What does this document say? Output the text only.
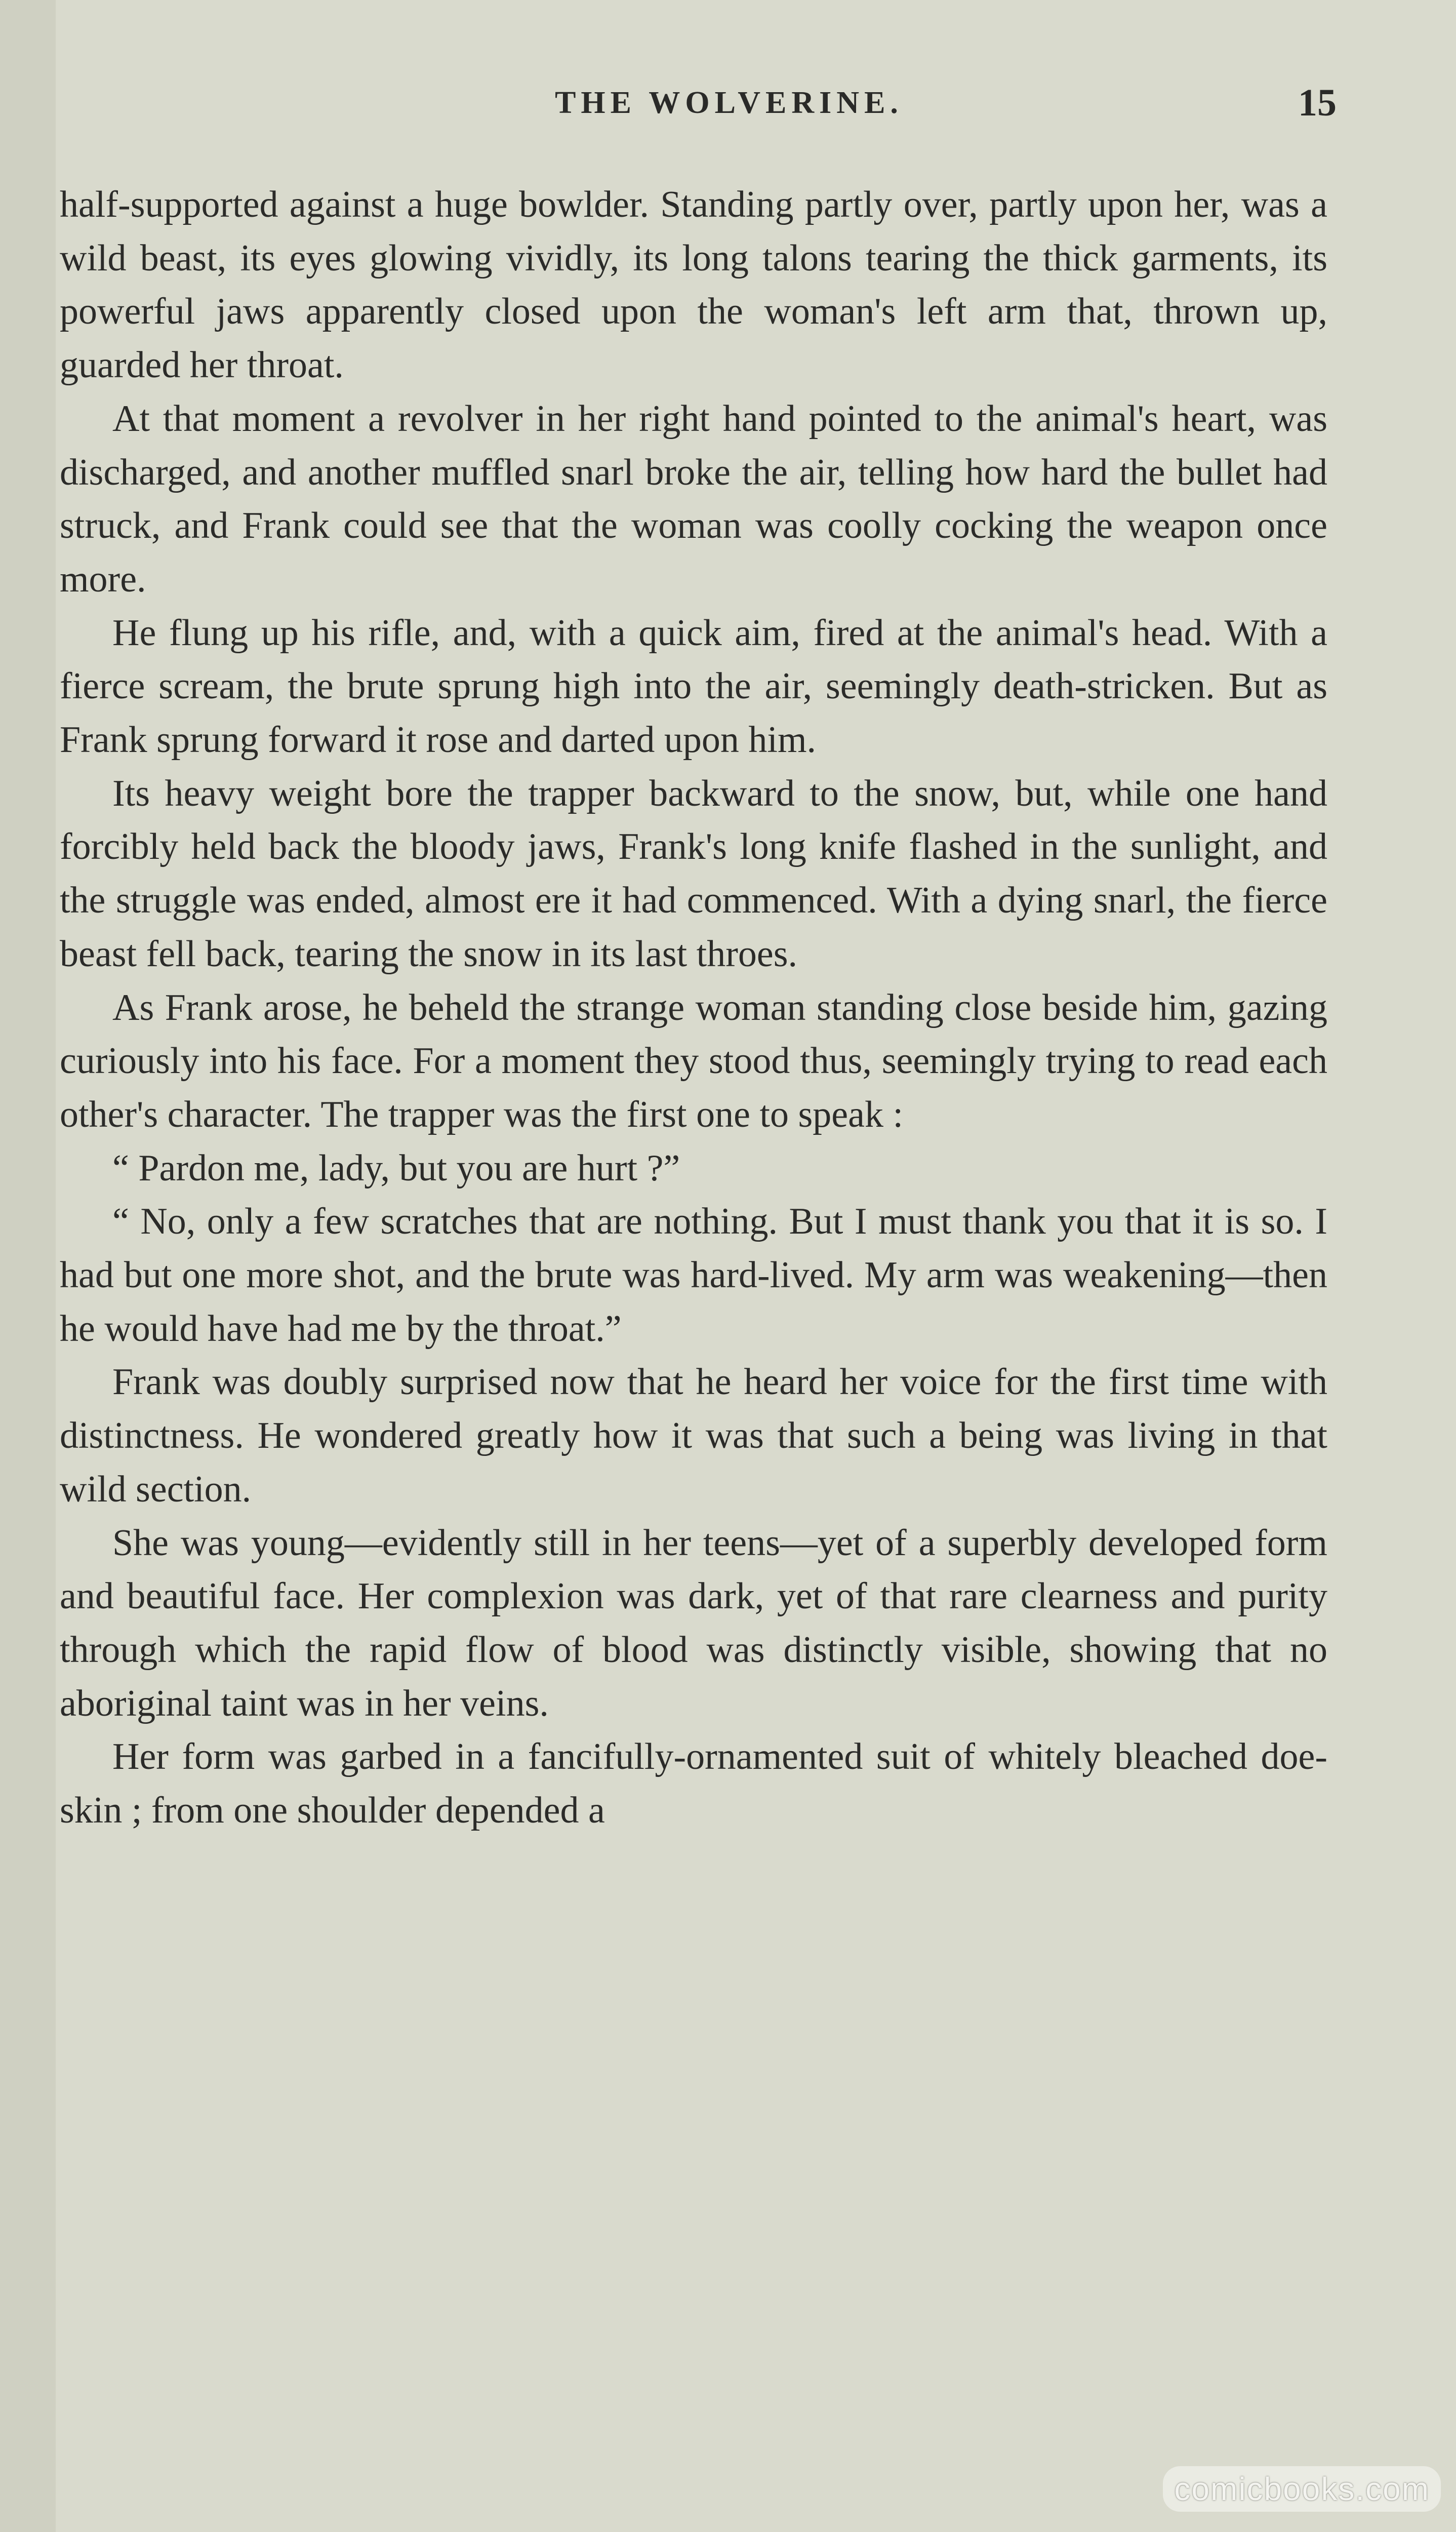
THE WOLVERINE.	15

half-supported against a huge bowlder. Standing partly over, partly upon her, was a wild beast, its eyes glowing vividly, its long talons tearing the thick garments, its powerful jaws apparently closed upon the woman's left arm that, thrown up, guarded her throat.

At that moment a revolver in her right hand pointed to the animal's heart, was discharged, and another muffled snarl broke the air, telling how hard the bullet had struck, and Frank could see that the woman was coolly cocking the weapon once more.

He flung up his rifle, and, with a quick aim, fired at the animal's head. With a fierce scream, the brute sprung high into the air, seemingly death-stricken. But as Frank sprung forward it rose and darted upon him.

Its heavy weight bore the trapper backward to the snow, but, while one hand forcibly held back the bloody jaws, Frank's long knife flashed in the sunlight, and the struggle was ended, almost ere it had commenced. With a dying snarl, the fierce beast fell back, tearing the snow in its last throes.

As Frank arose, he beheld the strange woman standing close beside him, gazing curiously into his face. For a moment they stood thus, seemingly trying to read each other's character. The trapper was the first one to speak :

“ Pardon me, lady, but you are hurt ?”

“ No, only a few scratches that are nothing. But I must thank you that it is so. I had but one more shot, and the brute was hard-lived. My arm was weakening—then he would have had me by the throat.”

Frank was doubly surprised now that he heard her voice for the first time with distinctness. He wondered greatly how it was that such a being was living in that wild section.

She was young—evidently still in her teens—yet of a superbly developed form and beautiful face. Her complexion was dark, yet of that rare clearness and purity through which the rapid flow of blood was distinctly visible, showing that no aboriginal taint was in her veins.

Her form was garbed in a fancifully-ornamented suit of whitely bleached doe-skin ; from one shoulder depended a

comicbooks.com
